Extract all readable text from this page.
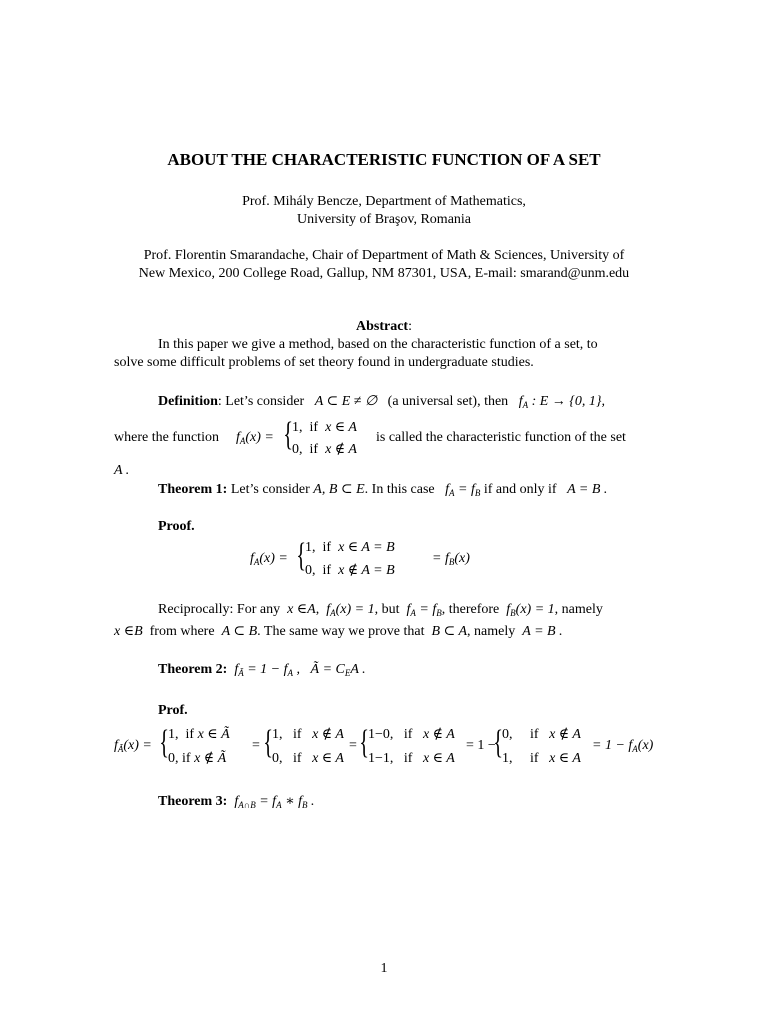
ABOUT THE CHARACTERISTIC FUNCTION OF A SET
Prof. Mihály Bencze, Department of Mathematics,
University of Braşov, Romania
Prof. Florentin Smarandache, Chair of Department of Math & Sciences, University of
New Mexico, 200 College Road, Gallup, NM 87301, USA, E-mail: smarand@unm.edu
Abstract:
In this paper we give a method, based on the characteristic function of a set, to
solve some difficult problems of set theory found in undergraduate studies.
Definition: Let’s consider   A ⊂ E ≠ ∅   (a universal set), then   $f_A$ : E → {0, 1},
where the function $f_A(x)$ = {
1,  if x ∈ A
0,  if x ∉ A
is called the characteristic function of the set
A .
Theorem 1: Let’s consider A, B ⊂ E. In this case   $f_A = f_B$ if and only if   A = B .
Proof.
$f_A(x)$ = {
1,  if x ∈ A = B
0,  if x ∉ A = B
= $f_B(x)$
Reciprocally: For any  x ∈A,  $f_A(x) = 1$, but  $f_A = f_B$, therefore  $f_B(x) = 1$, namely
x ∈B  from where  A ⊂ B. The same way we prove that  B ⊂ A, namely  A = B .
Theorem 2:  $f_Ã = 1 - f_A$ ,   Ã = $C_EA$ .
Prof.
$f_Ã(x)$ = {
1,  if x ∈ Ã
0, if x ∉ Ã
= {
1,   if x ∉ A
0,   if x ∈ A
= {
1−0,   if x ∉ A
1−1,   if x ∈ A
= 1 −
{
0,     if x ∉ A
1,     if x ∈ A
= $1 - f_A(x)$
Theorem 3:  $f_{A\cap B} = f_A$ ∗ $f_B$ .
1
